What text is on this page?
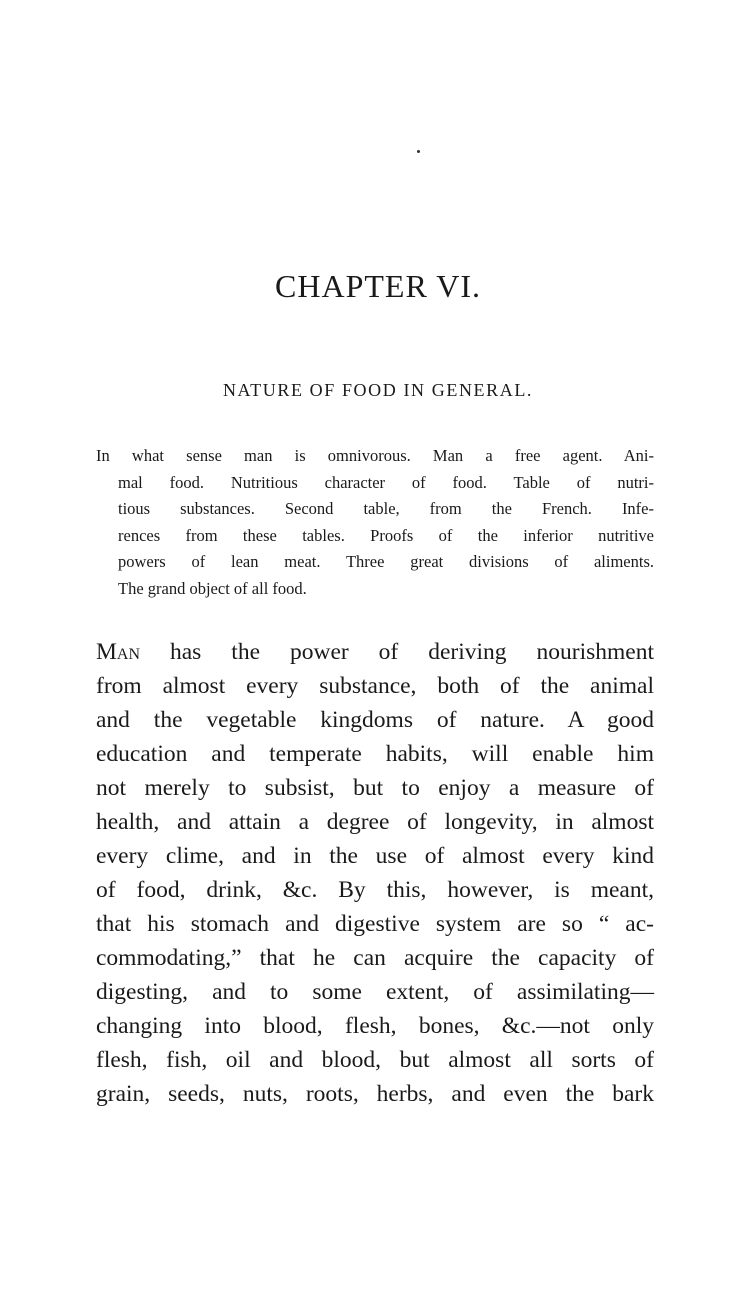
CHAPTER VI.
NATURE OF FOOD IN GENERAL.
In what sense man is omnivorous. Man a free agent. Ani-
mal food. Nutritious character of food. Table of nutri-
tious substances. Second table, from the French. Infe-
rences from these tables. Proofs of the inferior nutritive
powers of lean meat. Three great divisions of aliments.
The grand object of all food.
Man has the power of deriving nourishment
from almost every substance, both of the animal
and the vegetable kingdoms of nature. A good
education and temperate habits, will enable him
not merely to subsist, but to enjoy a measure of
health, and attain a degree of longevity, in almost
every clime, and in the use of almost every kind
of food, drink, &c. By this, however, is meant,
that his stomach and digestive system are so “ ac-
commodating,” that he can acquire the capacity of
digesting, and to some extent, of assimilating—
changing into blood, flesh, bones, &c.—not only
flesh, fish, oil and blood, but almost all sorts of
grain, seeds, nuts, roots, herbs, and even the bark
